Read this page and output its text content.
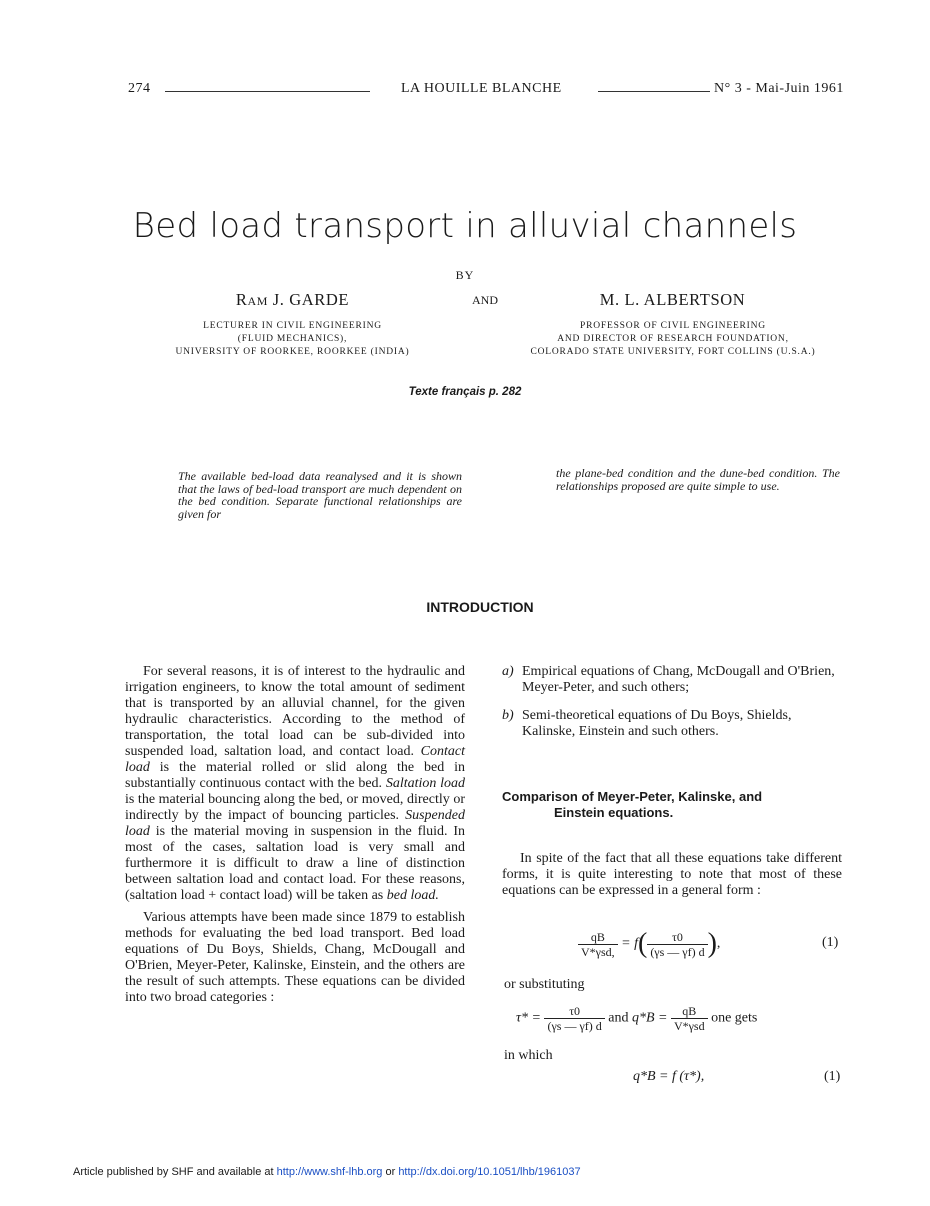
274	LA HOUILLE BLANCHE	N° 3 - Mai-Juin 1961
Bed load transport in alluvial channels
BY
Ram J. GARDE	AND	M. L. ALBERTSON
LECTURER IN CIVIL ENGINEERING
(FLUID MECHANICS),
UNIVERSITY OF ROORKEE, ROORKEE (INDIA)
PROFESSOR OF CIVIL ENGINEERING
AND DIRECTOR OF RESEARCH FOUNDATION,
COLORADO STATE UNIVERSITY, FORT COLLINS (U.S.A.)
Texte français p. 282
The available bed-load data reanalysed and it is shown that the laws of bed-load transport are much dependent on the bed condition. Separate functional relationships are given for
the plane-bed condition and the dune-bed condition. The relationships proposed are quite simple to use.
INTRODUCTION

For several reasons, it is of interest to the hydraulic and irrigation engineers, to know the total amount of sediment that is transported by an alluvial channel, for the given hydraulic characteristics. According to the method of transportation, the total load can be sub-divided into suspended load, saltation load, and contact load. Contact load is the material rolled or slid along the bed in substantially continuous contact with the bed. Saltation load is the material bouncing along the bed, or moved, directly or indirectly by the impact of bouncing particles. Suspended load is the material moving in suspension in the fluid. In most of the cases, saltation load is very small and furthermore it is difficult to draw a line of distinction between saltation load and contact load. For these reasons, (saltation load + contact load) will be taken as bed load.

Various attempts have been made since 1879 to establish methods for evaluating the bed load transport. Bed load equations of Du Boys, Shields, Chang, McDougall and O'Brien, Meyer-Peter, Kalinske, Einstein, and the others are the result of such attempts. These equations can be divided into two broad categories :

a) Empirical equations of Chang, McDougall and O'Brien, Meyer-Peter, and such others;
b) Semi-theoretical equations of Du Boys, Shields, Kalinske, Einstein and such others.
Comparison of Meyer-Peter, Kalinske, and
Einstein equations.

In spite of the fact that all these equations take different forms, it is quite interesting to note that most of these equations can be expressed in a general form :

$\frac{qB}{\text{V*γsd,}} = f( \frac{\tau 0}{(\gamma s — \gamma f) d}$ ),	(1)
or substituting
$\tau* = \frac{\tau 0}{(\gamma s — \gamma f) d}$ and $q*B = \frac{qB}{\text{V*γsd}}$ one gets
in which
q*B = f (τ*),	(1)
Article published by SHF and available at http://www.shf-lhb.org or http://dx.doi.org/10.1051/lhb/1961037
